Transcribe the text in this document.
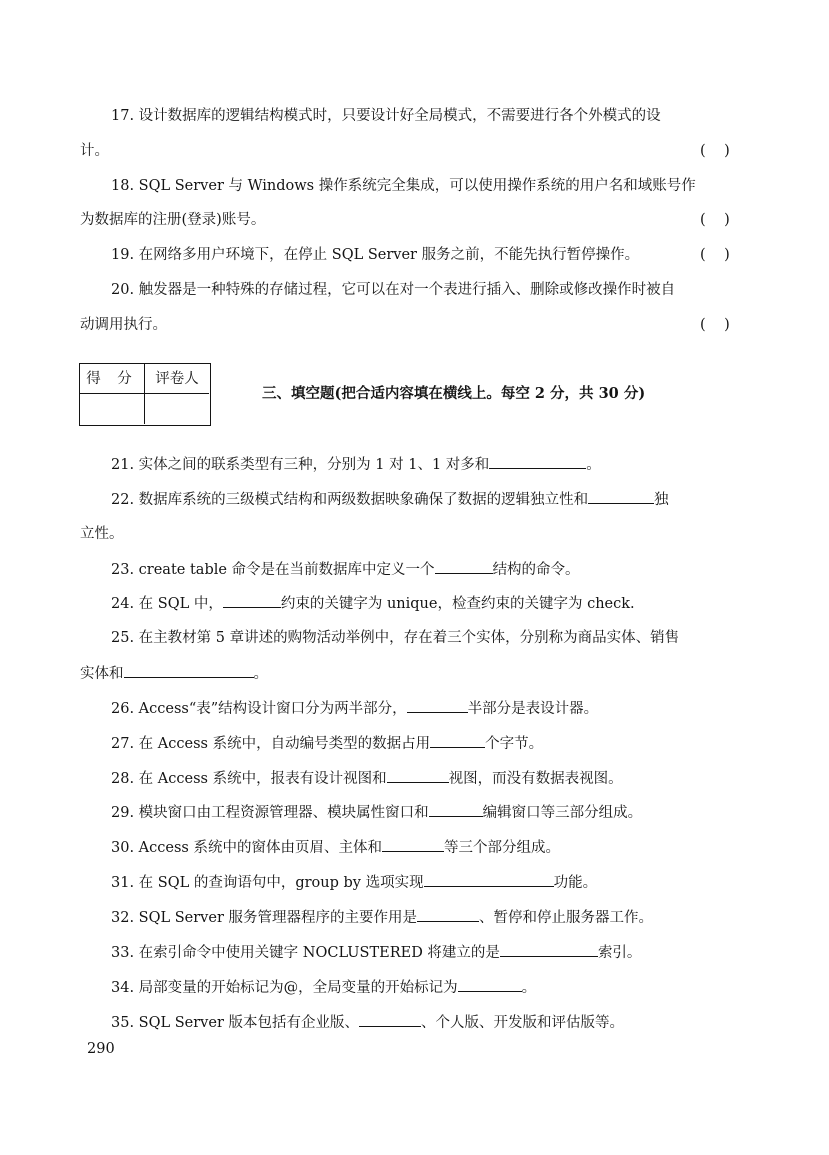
17. 设计数据库的逻辑结构模式时，只要设计好全局模式，不需要进行各个外模式的设
计。	(    )
18. SQL Server 与 Windows 操作系统完全集成，可以使用操作系统的用户名和域账号作
为数据库的注册(登录)账号。	(    )
19. 在网络多用户环境下，在停止 SQL Server 服务之前，不能先执行暂停操作。	(    )
20. 触发器是一种特殊的存储过程，它可以在对一个表进行插入、删除或修改操作时被自
动调用执行。	(    )
得 分	评卷人
三、填空题(把合适内容填在横线上。每空 2 分，共 30 分)
21. 实体之间的联系类型有三种，分别为 1 对 1、1 对多和	。
22. 数据库系统的三级模式结构和两级数据映象确保了数据的逻辑独立性和	独
立性。
23. create table 命令是在当前数据库中定义一个	结构的命令。
24. 在 SQL 中，	约束的关键字为 unique，检查约束的关键字为 check.
25. 在主教材第 5 章讲述的购物活动举例中，存在着三个实体，分别称为商品实体、销售
实体和	。
26. Access“表”结构设计窗口分为两半部分，	半部分是表设计器。
27. 在 Access 系统中，自动编号类型的数据占用	个字节。
28. 在 Access 系统中，报表有设计视图和	视图，而没有数据表视图。
29. 模块窗口由工程资源管理器、模块属性窗口和	编辑窗口等三部分组成。
30. Access 系统中的窗体由页眉、主体和	等三个部分组成。
31. 在 SQL 的查询语句中，group by 选项实现	功能。
32. SQL Server 服务管理器程序的主要作用是	、暂停和停止服务器工作。
33. 在索引命令中使用关键字 NOCLUSTERED 将建立的是	索引。
34. 局部变量的开始标记为@，全局变量的开始标记为	。
35. SQL Server 版本包括有企业版、	、个人版、开发版和评估版等。
290
